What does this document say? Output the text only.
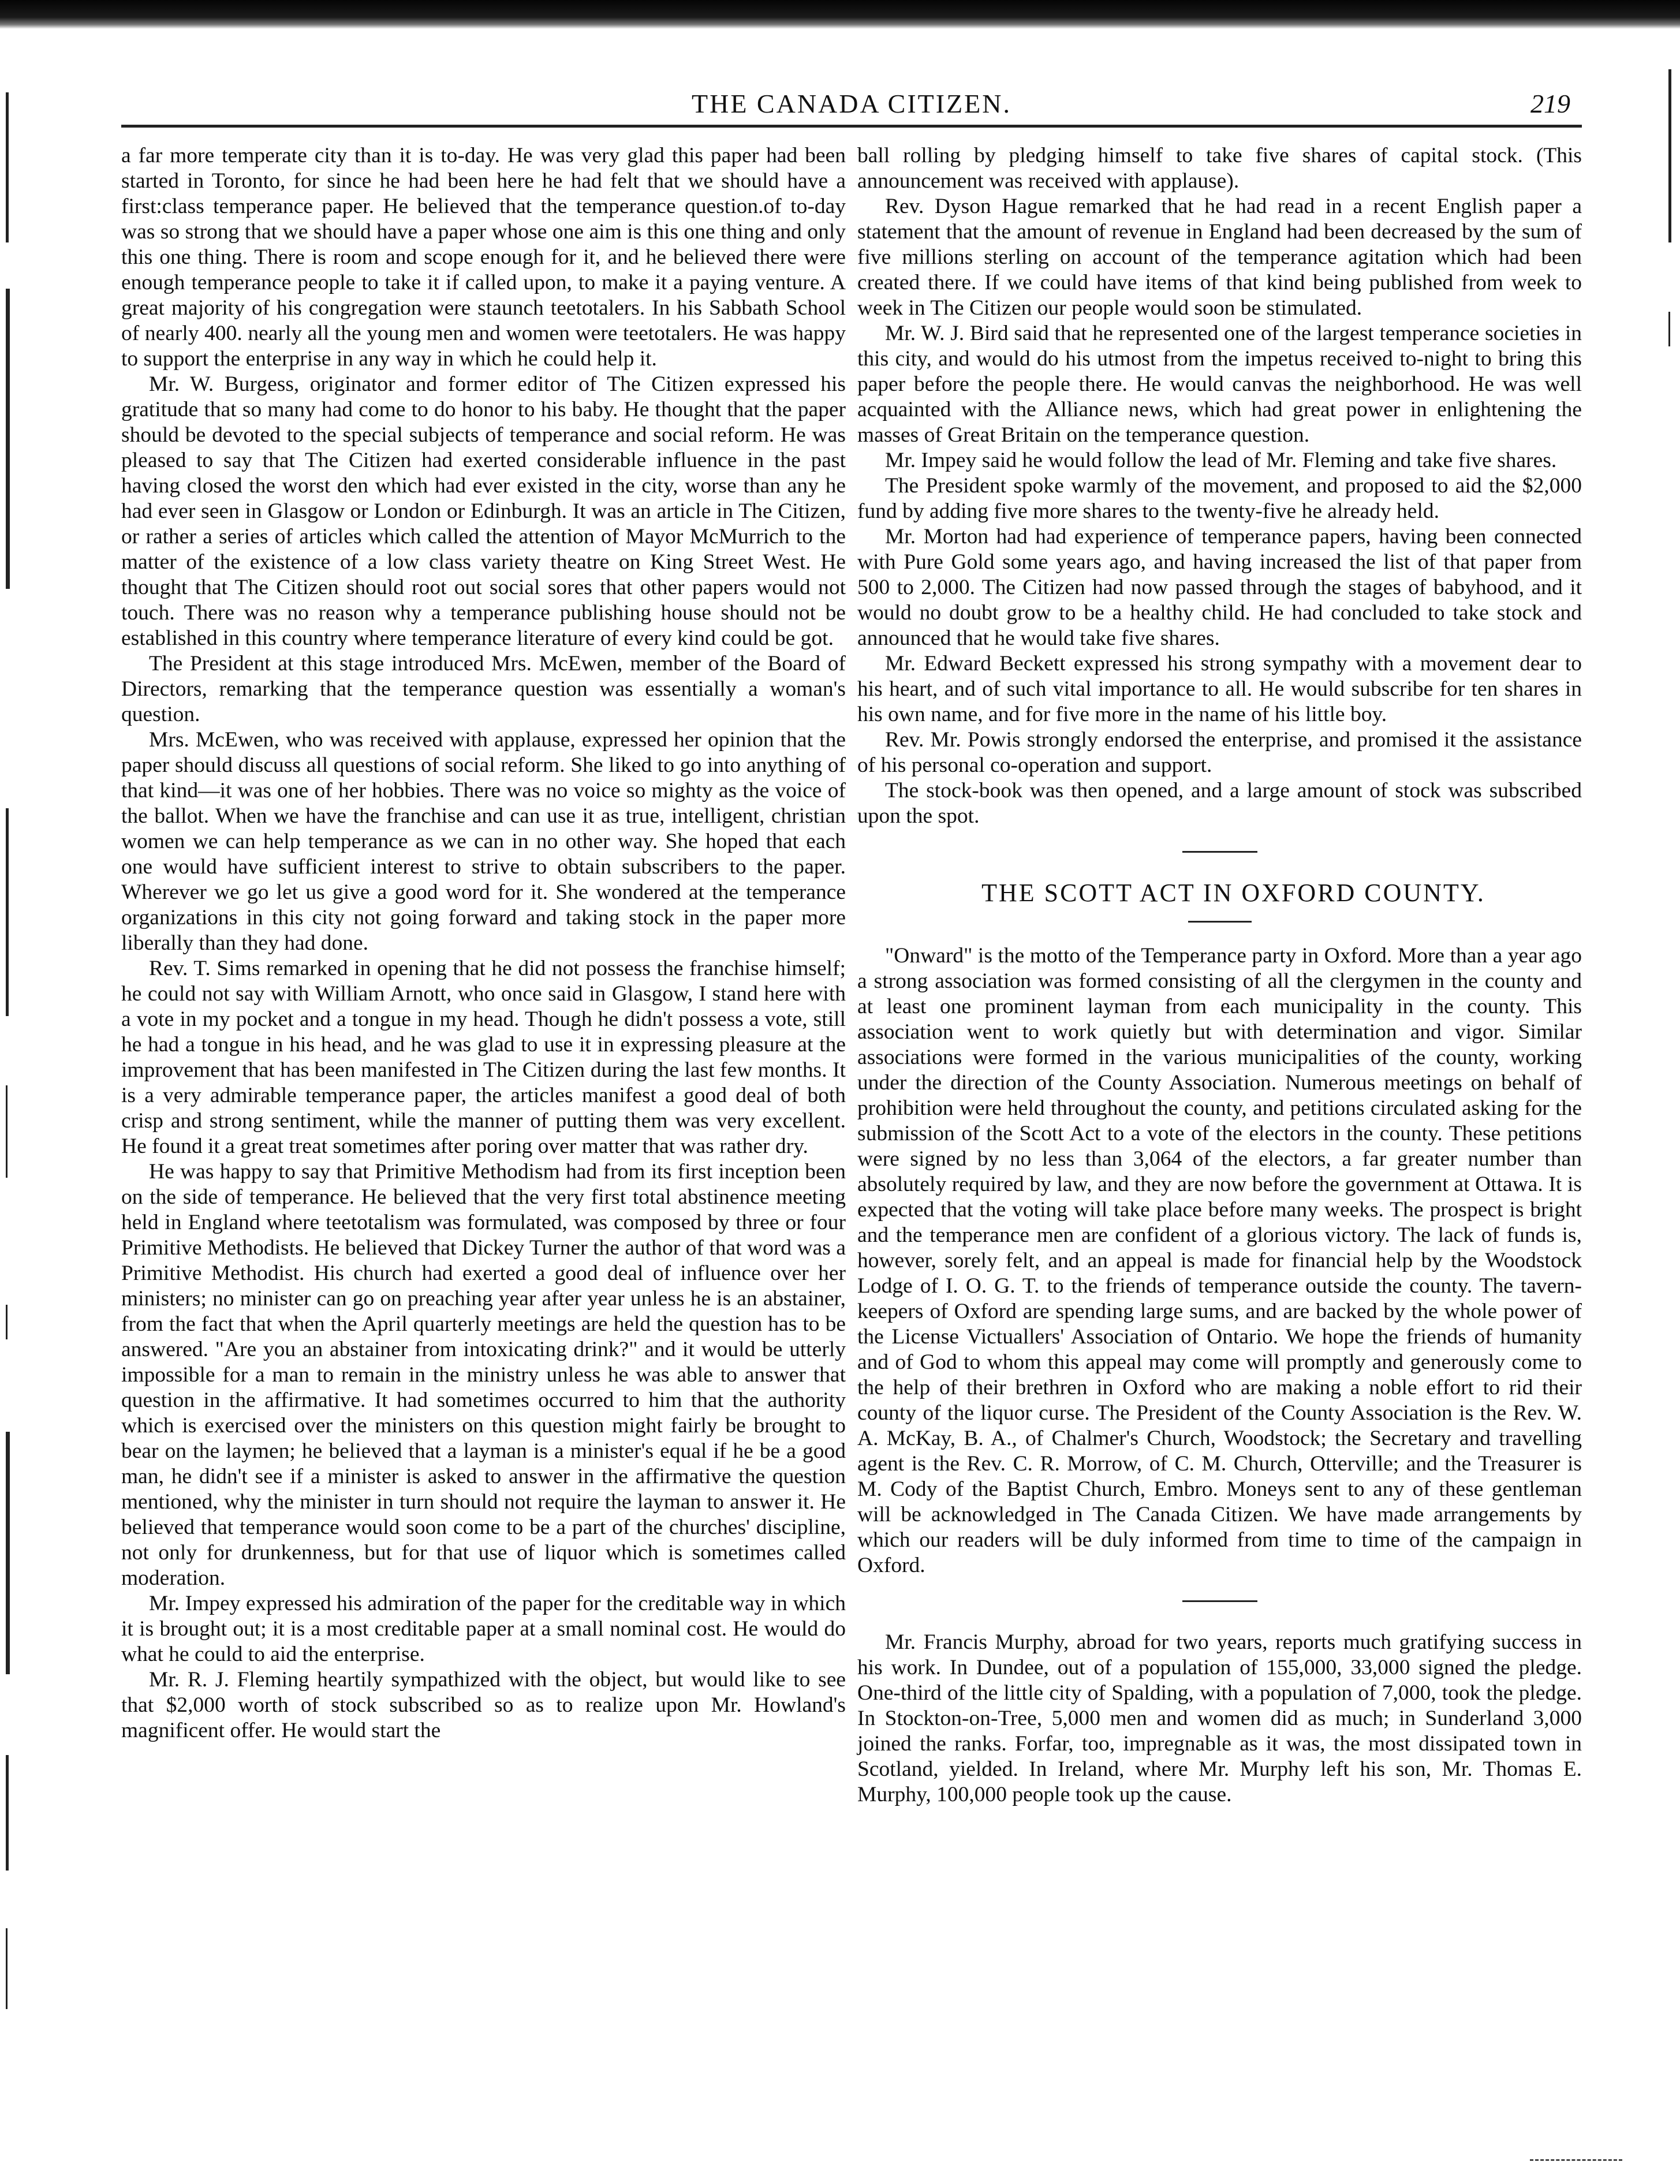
THE CANADA CITIZEN.	219

a far more temperate city than it is to-day. He was very glad this paper had been started in Toronto, for since he had been here he had felt that we should have a first:class temperance paper. He believed that the temperance question.of to-day was so strong that we should have a paper whose one aim is this one thing and only this one thing. There is room and scope enough for it, and he believed there were enough temperance people to take it if called upon, to make it a paying venture. A great majority of his congregation were staunch teetotalers. In his Sabbath School of nearly 400. nearly all the young men and women were teetotalers. He was happy to support the enterprise in any way in which he could help it.

Mr. W. Burgess, originator and former editor of The Citizen expressed his gratitude that so many had come to do honor to his baby. He thought that the paper should be devoted to the special subjects of temperance and social reform. He was pleased to say that The Citizen had exerted considerable influence in the past having closed the worst den which had ever existed in the city, worse than any he had ever seen in Glasgow or London or Edinburgh. It was an article in The Citizen, or rather a series of articles which called the attention of Mayor McMurrich to the matter of the existence of a low class variety theatre on King Street West. He thought that The Citizen should root out social sores that other papers would not touch. There was no reason why a temperance publishing house should not be established in this country where temperance literature of every kind could be got.

The President at this stage introduced Mrs. McEwen, member of the Board of Directors, remarking that the temperance question was essentially a woman's question.

Mrs. McEwen, who was received with applause, expressed her opinion that the paper should discuss all questions of social reform. She liked to go into anything of that kind—it was one of her hobbies. There was no voice so mighty as the voice of the ballot. When we have the franchise and can use it as true, intelligent, christian women we can help temperance as we can in no other way. She hoped that each one would have sufficient interest to strive to obtain subscribers to the paper. Wherever we go let us give a good word for it. She wondered at the temperance organizations in this city not going forward and taking stock in the paper more liberally than they had done.

Rev. T. Sims remarked in opening that he did not possess the franchise himself; he could not say with William Arnott, who once said in Glasgow, I stand here with a vote in my pocket and a tongue in my head. Though he didn't possess a vote, still he had a tongue in his head, and he was glad to use it in expressing pleasure at the improvement that has been manifested in The Citizen during the last few months. It is a very admirable temperance paper, the articles manifest a good deal of both crisp and strong sentiment, while the manner of putting them was very excellent. He found it a great treat sometimes after poring over matter that was rather dry.

He was happy to say that Primitive Methodism had from its first inception been on the side of temperance. He believed that the very first total abstinence meeting held in England where teetotalism was formulated, was composed by three or four Primitive Methodists. He believed that Dickey Turner the author of that word was a Primitive Methodist. His church had exerted a good deal of influence over her ministers; no minister can go on preaching year after year unless he is an abstainer, from the fact that when the April quarterly meetings are held the question has to be answered. "Are you an abstainer from intoxicating drink?" and it would be utterly impossible for a man to remain in the ministry unless he was able to answer that question in the affirmative. It had sometimes occurred to him that the authority which is exercised over the ministers on this question might fairly be brought to bear on the laymen; he believed that a layman is a minister's equal if he be a good man, he didn't see if a minister is asked to answer in the affirmative the question mentioned, why the minister in turn should not require the layman to answer it. He believed that temperance would soon come to be a part of the churches' discipline, not only for drunkenness, but for that use of liquor which is sometimes called moderation.

Mr. Impey expressed his admiration of the paper for the creditable way in which it is brought out; it is a most creditable paper at a small nominal cost. He would do what he could to aid the enterprise.

Mr. R. J. Fleming heartily sympathized with the object, but would like to see that $2,000 worth of stock subscribed so as to realize upon Mr. Howland's magnificent offer. He would start the

ball rolling by pledging himself to take five shares of capital stock. (This announcement was received with applause).

Rev. Dyson Hague remarked that he had read in a recent English paper a statement that the amount of revenue in England had been decreased by the sum of five millions sterling on account of the temperance agitation which had been created there. If we could have items of that kind being published from week to week in The Citizen our people would soon be stimulated.

Mr. W. J. Bird said that he represented one of the largest temperance societies in this city, and would do his utmost from the impetus received to-night to bring this paper before the people there. He would canvas the neighborhood. He was well acquainted with the Alliance news, which had great power in enlightening the masses of Great Britain on the temperance question.

Mr. Impey said he would follow the lead of Mr. Fleming and take five shares.

The President spoke warmly of the movement, and proposed to aid the $2,000 fund by adding five more shares to the twenty-five he already held.

Mr. Morton had had experience of temperance papers, having been connected with Pure Gold some years ago, and having increased the list of that paper from 500 to 2,000. The Citizen had now passed through the stages of babyhood, and it would no doubt grow to be a healthy child. He had concluded to take stock and announced that he would take five shares.

Mr. Edward Beckett expressed his strong sympathy with a movement dear to his heart, and of such vital importance to all. He would subscribe for ten shares in his own name, and for five more in the name of his little boy.

Rev. Mr. Powis strongly endorsed the enterprise, and promised it the assistance of his personal co-operation and support.

The stock-book was then opened, and a large amount of stock was subscribed upon the spot.

THE SCOTT ACT IN OXFORD COUNTY.

"Onward" is the motto of the Temperance party in Oxford. More than a year ago a strong association was formed consisting of all the clergymen in the county and at least one prominent layman from each municipality in the county. This association went to work quietly but with determination and vigor. Similar associations were formed in the various municipalities of the county, working under the direction of the County Association. Numerous meetings on behalf of prohibition were held throughout the county, and petitions circulated asking for the submission of the Scott Act to a vote of the electors in the county. These petitions were signed by no less than 3,064 of the electors, a far greater number than absolutely required by law, and they are now before the government at Ottawa. It is expected that the voting will take place before many weeks. The prospect is bright and the temperance men are confident of a glorious victory. The lack of funds is, however, sorely felt, and an appeal is made for financial help by the Woodstock Lodge of I. O. G. T. to the friends of temperance outside the county. The tavern-keepers of Oxford are spending large sums, and are backed by the whole power of the License Victuallers' Association of Ontario. We hope the friends of humanity and of God to whom this appeal may come will promptly and generously come to the help of their brethren in Oxford who are making a noble effort to rid their county of the liquor curse. The President of the County Association is the Rev. W. A. McKay, B. A., of Chalmer's Church, Woodstock; the Secretary and travelling agent is the Rev. C. R. Morrow, of C. M. Church, Otterville; and the Treasurer is M. Cody of the Baptist Church, Embro. Moneys sent to any of these gentleman will be acknowledged in The Canada Citizen. We have made arrangements by which our readers will be duly informed from time to time of the campaign in Oxford.

Mr. Francis Murphy, abroad for two years, reports much gratifying success in his work. In Dundee, out of a population of 155,000, 33,000 signed the pledge. One-third of the little city of Spalding, with a population of 7,000, took the pledge. In Stockton-on-Tree, 5,000 men and women did as much; in Sunderland 3,000 joined the ranks. Forfar, too, impregnable as it was, the most dissipated town in Scotland, yielded. In Ireland, where Mr. Murphy left his son, Mr. Thomas E. Murphy, 100,000 people took up the cause.
